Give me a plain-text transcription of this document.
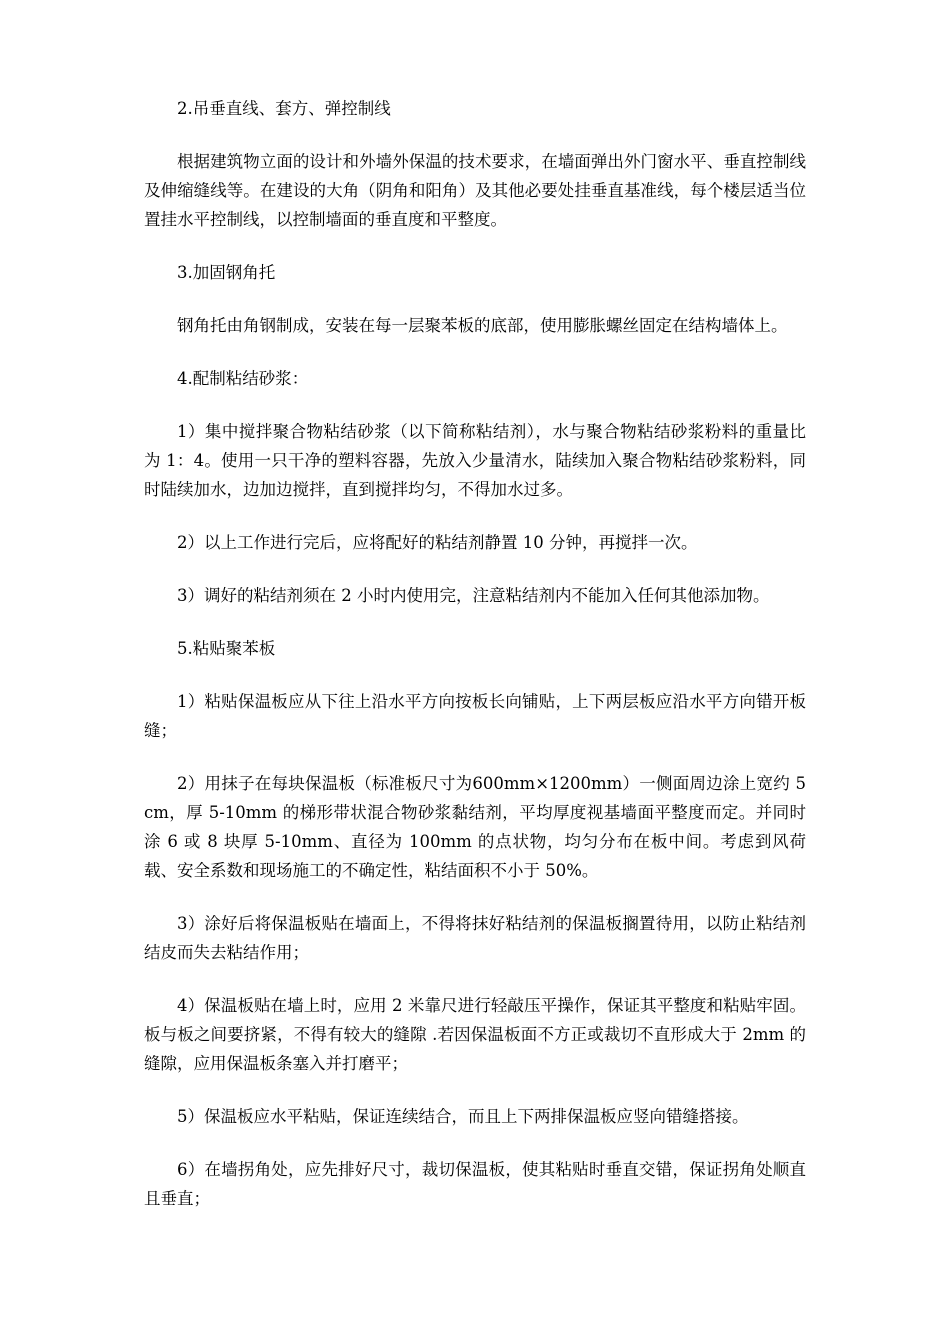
2.吊垂直线、套方、弹控制线

根据建筑物立面的设计和外墙外保温的技术要求，在墙面弹出外门窗水平、垂直控制线及伸缩缝线等。在建设的大角（阴角和阳角）及其他必要处挂垂直基准线，每个楼层适当位置挂水平控制线，以控制墙面的垂直度和平整度。

3.加固钢角托

钢角托由角钢制成，安装在每一层聚苯板的底部，使用膨胀螺丝固定在结构墙体上。

4.配制粘结砂浆：

1）集中搅拌聚合物粘结砂浆（以下简称粘结剂），水与聚合物粘结砂浆粉料的重量比为 1：4。使用一只干净的塑料容器，先放入少量清水，陆续加入聚合物粘结砂浆粉料，同时陆续加水，边加边搅拌，直到搅拌均匀，不得加水过多。

2）以上工作进行完后，应将配好的粘结剂静置 10 分钟，再搅拌一次。

3）调好的粘结剂须在 2 小时内使用完，注意粘结剂内不能加入任何其他添加物。

5.粘贴聚苯板

1）粘贴保温板应从下往上沿水平方向按板长向铺贴，上下两层板应沿水平方向错开板缝；

2）用抹子在每块保温板（标准板尺寸为600mm×1200mm）一侧面周边涂上宽约 5cm，厚 5-10mm 的梯形带状混合物砂浆黏结剂，平均厚度视基墙面平整度而定。并同时涂 6 或 8 块厚 5-10mm、直径为 100mm 的点状物，均匀分布在板中间。考虑到风荷载、安全系数和现场施工的不确定性，粘结面积不小于 50%。

3）涂好后将保温板贴在墙面上，不得将抹好粘结剂的保温板搁置待用，以防止粘结剂结皮而失去粘结作用；

4）保温板贴在墙上时，应用 2 米靠尺进行轻敲压平操作，保证其平整度和粘贴牢固。板与板之间要挤紧，不得有较大的缝隙 .若因保温板面不方正或裁切不直形成大于 2mm 的缝隙，应用保温板条塞入并打磨平；

5）保温板应水平粘贴，保证连续结合，而且上下两排保温板应竖向错缝搭接。

6）在墙拐角处，应先排好尺寸，裁切保温板，使其粘贴时垂直交错，保证拐角处顺直且垂直；
